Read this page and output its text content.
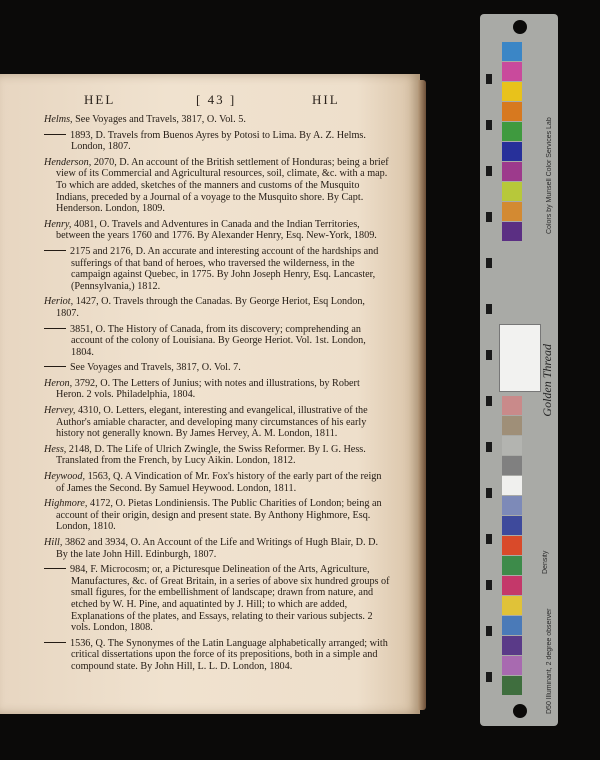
HEL	[ 43 ]	HIL
Helms, See Voyages and Travels, 3817, O. Vol. 5.
1893, D. Travels from Buenos Ayres by Potosi to Lima. By A. Z. Helms. London, 1807.
Henderson, 2070, D. An account of the British settlement of Honduras; being a brief view of its Commercial and Agricultural resources, soil, climate, &c. with a map. To which are added, sketches of the manners and customs of the Musquito Indians, preceded by a Journal of a voyage to the Musquito shore. By Capt. Henderson. London, 1809.
Henry, 4081, O. Travels and Adventures in Canada and the Indian Territories, between the years 1760 and 1776. By Alexander Henry, Esq. New-York, 1809.
2175 and 2176, D. An accurate and interesting account of the hardships and sufferings of that band of heroes, who traversed the wilderness, in the campaign against Quebec, in 1775. By John Joseph Henry, Esq. Lancaster, (Pennsylvania,) 1812.
Heriot, 1427, O. Travels through the Canadas. By George Heriot, Esq London, 1807.
3851, O. The History of Canada, from its discovery; comprehending an account of the colony of Louisiana. By George Heriot. Vol. 1st. London, 1804.
See Voyages and Travels, 3817, O. Vol. 7.
Heron, 3792, O. The Letters of Junius; with notes and illustrations, by Robert Heron. 2 vols. Philadelphia, 1804.
Hervey, 4310, O. Letters, elegant, interesting and evangelical, illustrative of the Author's amiable character, and developing many circumstances of his early history not generally known. By James Hervey, A. M. London, 1811.
Hess, 2148, D. The Life of Ulrich Zwingle, the Swiss Reformer. By I. G. Hess. Translated from the French, by Lucy Aikin. London, 1812.
Heywood, 1563, Q. A Vindication of Mr. Fox's history of the early part of the reign of James the Second. By Samuel Heywood. London, 1811.
Highmore, 4172, O. Pietas Londiniensis. The Public Charities of London; being an account of their origin, design and present state. By Anthony Highmore, Esq. London, 1810.
Hill, 3862 and 3934, O. An Account of the Life and Writings of Hugh Blair, D. D. By the late John Hill. Edinburgh, 1807.
984, F. Microcosm; or, a Picturesque Delineation of the Arts, Agriculture, Manufactures, &c. of Great Britain, in a series of above six hundred groups of small figures, for the embellishment of landscape; drawn from nature, and etched by W. H. Pine, and aquatinted by J. Hill; to which are added, Explanations of the plates, and Essays, relating to their various subjects. 2 vols. London, 1808.
1536, Q. The Synonymes of the Latin Language alphabetically arranged; with critical dissertations upon the force of its prepositions, both in a simple and compound state. By John Hill, L. L. D. London, 1804.
Golden Thread
Colors by Munsell Color Services Lab
D50 Illuminant, 2 degree observer
Density
